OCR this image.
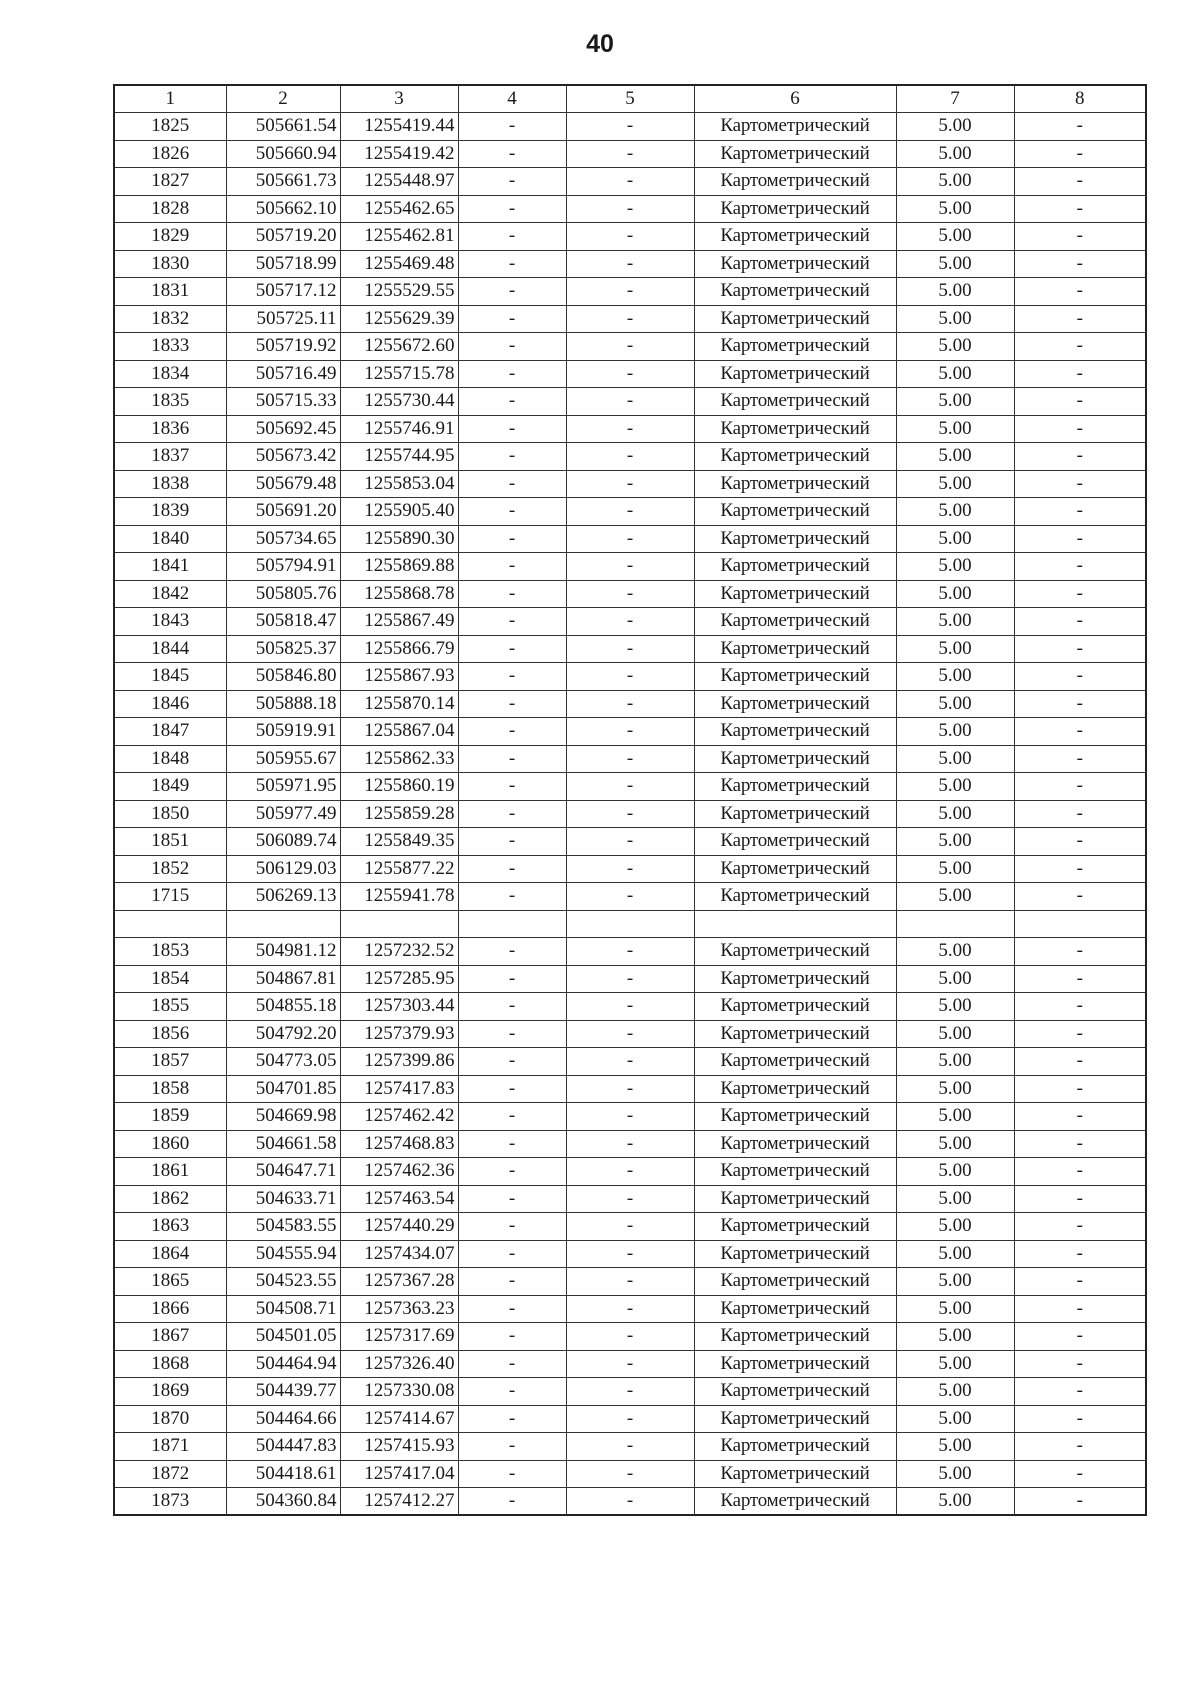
40
1	2	3	4	5	6	7	8
1825	505661.54	1255419.44	-	-	Картометрический	5.00	-
1826	505660.94	1255419.42	-	-	Картометрический	5.00	-
1827	505661.73	1255448.97	-	-	Картометрический	5.00	-
1828	505662.10	1255462.65	-	-	Картометрический	5.00	-
1829	505719.20	1255462.81	-	-	Картометрический	5.00	-
1830	505718.99	1255469.48	-	-	Картометрический	5.00	-
1831	505717.12	1255529.55	-	-	Картометрический	5.00	-
1832	505725.11	1255629.39	-	-	Картометрический	5.00	-
1833	505719.92	1255672.60	-	-	Картометрический	5.00	-
1834	505716.49	1255715.78	-	-	Картометрический	5.00	-
1835	505715.33	1255730.44	-	-	Картометрический	5.00	-
1836	505692.45	1255746.91	-	-	Картометрический	5.00	-
1837	505673.42	1255744.95	-	-	Картометрический	5.00	-
1838	505679.48	1255853.04	-	-	Картометрический	5.00	-
1839	505691.20	1255905.40	-	-	Картометрический	5.00	-
1840	505734.65	1255890.30	-	-	Картометрический	5.00	-
1841	505794.91	1255869.88	-	-	Картометрический	5.00	-
1842	505805.76	1255868.78	-	-	Картометрический	5.00	-
1843	505818.47	1255867.49	-	-	Картометрический	5.00	-
1844	505825.37	1255866.79	-	-	Картометрический	5.00	-
1845	505846.80	1255867.93	-	-	Картометрический	5.00	-
1846	505888.18	1255870.14	-	-	Картометрический	5.00	-
1847	505919.91	1255867.04	-	-	Картометрический	5.00	-
1848	505955.67	1255862.33	-	-	Картометрический	5.00	-
1849	505971.95	1255860.19	-	-	Картометрический	5.00	-
1850	505977.49	1255859.28	-	-	Картометрический	5.00	-
1851	506089.74	1255849.35	-	-	Картометрический	5.00	-
1852	506129.03	1255877.22	-	-	Картометрический	5.00	-
1715	506269.13	1255941.78	-	-	Картометрический	5.00	-

1853	504981.12	1257232.52	-	-	Картометрический	5.00	-
1854	504867.81	1257285.95	-	-	Картометрический	5.00	-
1855	504855.18	1257303.44	-	-	Картометрический	5.00	-
1856	504792.20	1257379.93	-	-	Картометрический	5.00	-
1857	504773.05	1257399.86	-	-	Картометрический	5.00	-
1858	504701.85	1257417.83	-	-	Картометрический	5.00	-
1859	504669.98	1257462.42	-	-	Картометрический	5.00	-
1860	504661.58	1257468.83	-	-	Картометрический	5.00	-
1861	504647.71	1257462.36	-	-	Картометрический	5.00	-
1862	504633.71	1257463.54	-	-	Картометрический	5.00	-
1863	504583.55	1257440.29	-	-	Картометрический	5.00	-
1864	504555.94	1257434.07	-	-	Картометрический	5.00	-
1865	504523.55	1257367.28	-	-	Картометрический	5.00	-
1866	504508.71	1257363.23	-	-	Картометрический	5.00	-
1867	504501.05	1257317.69	-	-	Картометрический	5.00	-
1868	504464.94	1257326.40	-	-	Картометрический	5.00	-
1869	504439.77	1257330.08	-	-	Картометрический	5.00	-
1870	504464.66	1257414.67	-	-	Картометрический	5.00	-
1871	504447.83	1257415.93	-	-	Картометрический	5.00	-
1872	504418.61	1257417.04	-	-	Картометрический	5.00	-
1873	504360.84	1257412.27	-	-	Картометрический	5.00	-
